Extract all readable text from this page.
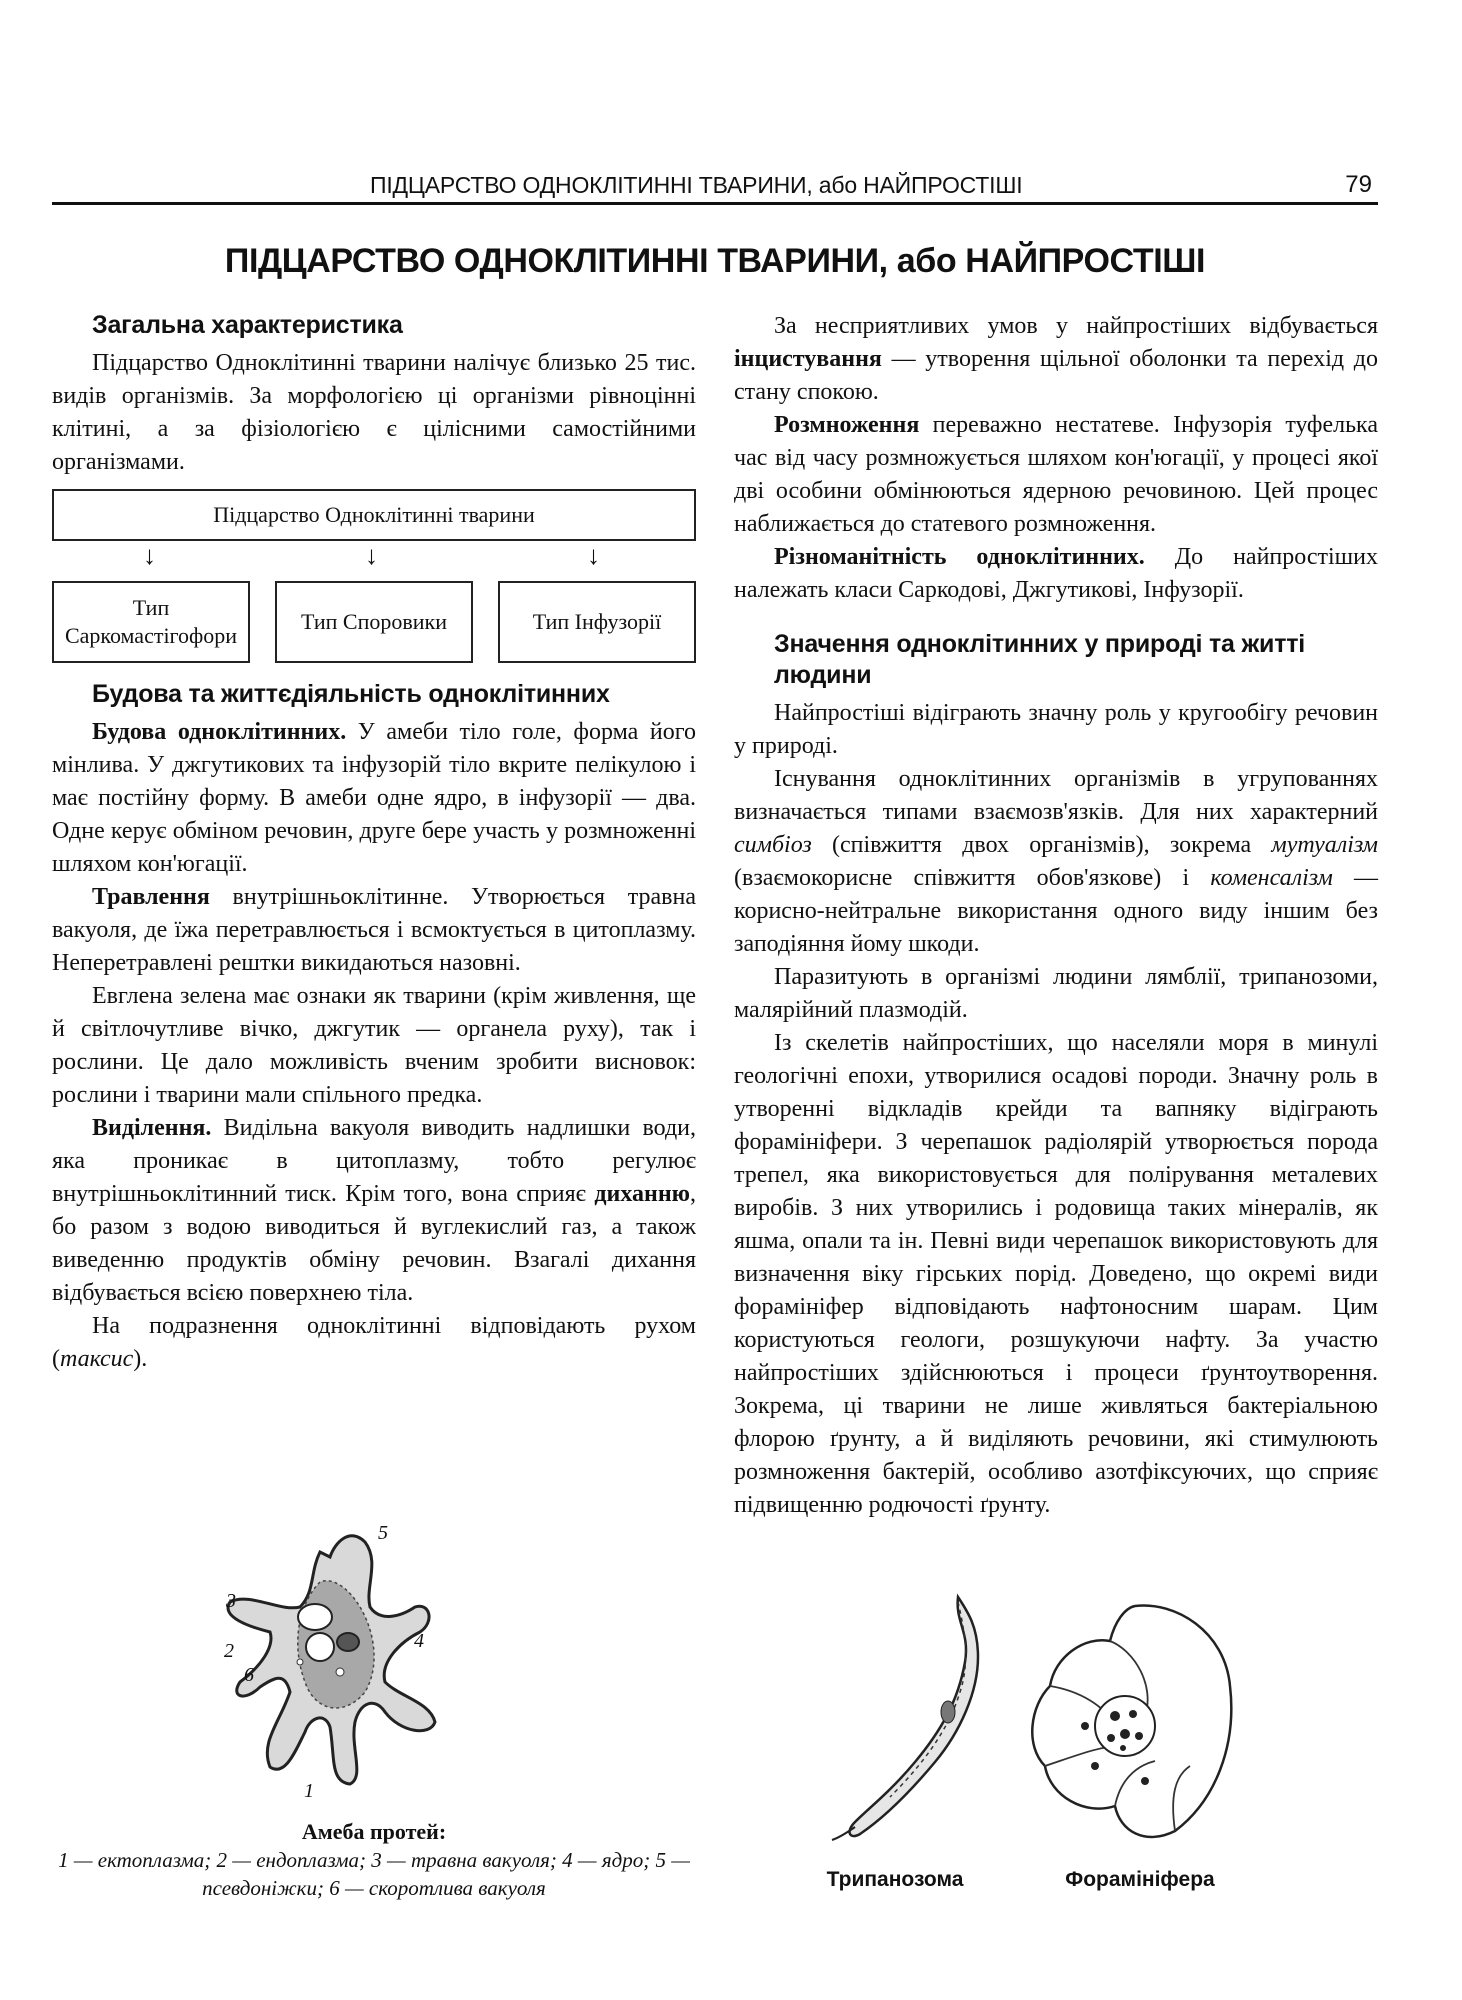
ПІДЦАРСТВО ОДНОКЛІТИННІ ТВАРИНИ, або НАЙПРОСТІШІ	79
ПІДЦАРСТВО ОДНОКЛІТИННІ ТВАРИНИ, або НАЙПРОСТІШІ
Загальна характеристика

Підцарство Одноклітинні тварини налічує близько 25 тис. видів організмів. За морфологією ці організми рівноцінні клітині, а за фізіологією є цілісними самостійними організмами.

Підцарство Одноклітинні тварини
↓	↓	↓
Тип Саркомастігофори
Тип Споровики	Тип Інфузорії
Будова та життєдіяльність одноклітинних

Будова одноклітинних. У амеби тіло голе, форма його мінлива. У джгутикових та інфузорій тіло вкрите пелікулою і має постійну форму. В амеби одне ядро, в інфузорії — два. Одне керує обміном речовин, друге бере участь у розмноженні шляхом кон'югації.

Травлення внутрішньоклітинне. Утворюється травна вакуоля, де їжа перетравлюється і всмоктується в цитоплазму. Неперетравлені рештки викидаються назовні.

Евглена зелена має ознаки як тварини (крім живлення, ще й світлочутливе вічко, джгутик — органела руху), так і рослини. Це дало можливість вченим зробити висновок: рослини і тварини мали спільного предка.

Виділення. Видільна вакуоля виводить надлишки води, яка проникає в цитоплазму, тобто регулює внутрішньоклітинний тиск. Крім того, вона сприяє диханню, бо разом з водою виводиться й вуглекислий газ, а також виведенню продуктів обміну речовин. Взагалі дихання відбувається всією поверхнею тіла.

На подразнення одноклітинні відповідають рухом (таксис).

5
3
4
2
6
1
Амеба протей:
1 — ектоплазма; 2 — ендоплазма; 3 — травна вакуоля; 4 — ядро; 5 — псевдоніжки; 6 — скоротлива вакуоля

За несприятливих умов у найпростіших відбувається інцистування — утворення щільної оболонки та перехід до стану спокою.

Розмноження переважно нестатеве. Інфузорія туфелька час від часу розмножується шляхом кон'югації, у процесі якої дві особини обмінюються ядерною речовиною. Цей процес наближається до статевого розмноження.

Різноманітність одноклітинних. До найпростіших належать класи Саркодові, Джгутикові, Інфузорії.

Значення одноклітинних у природі та житті людини

Найпростіші відіграють значну роль у кругообігу речовин у природі.

Існування одноклітинних організмів в угрупованнях визначається типами взаємозв'язків. Для них характерний симбіоз (співжиття двох організмів), зокрема мутуалізм (взаємокорисне співжиття обов'язкове) і коменсалізм — корисно-нейтральне використання одного виду іншим без заподіяння йому шкоди.

Паразитують в організмі людини лямблії, трипанозоми, малярійний плазмодій.

Із скелетів найпростіших, що населяли моря в минулі геологічні епохи, утворилися осадові породи. Значну роль в утворенні відкладів крейди та вапняку відіграють форамініфери. З черепашок радіолярій утворюється порода трепел, яка використовується для полірування металевих виробів. З них утворились і родовища таких мінералів, як яшма, опали та ін. Певні види черепашок використовують для визначення віку гірських порід. Доведено, що окремі види форамініфер відповідають нафтоносним шарам. Цим користуються геологи, розшукуючи нафту. За участю найпростіших здійснюються і процеси ґрунтоутворення. Зокрема, ці тварини не лише живляться бактеріальною флорою ґрунту, а й виділяють речовини, які стимулюють розмноження бактерій, особливо азотфіксуючих, що сприяє підвищенню родючості ґрунту.

Трипанозома	Форамініфера
